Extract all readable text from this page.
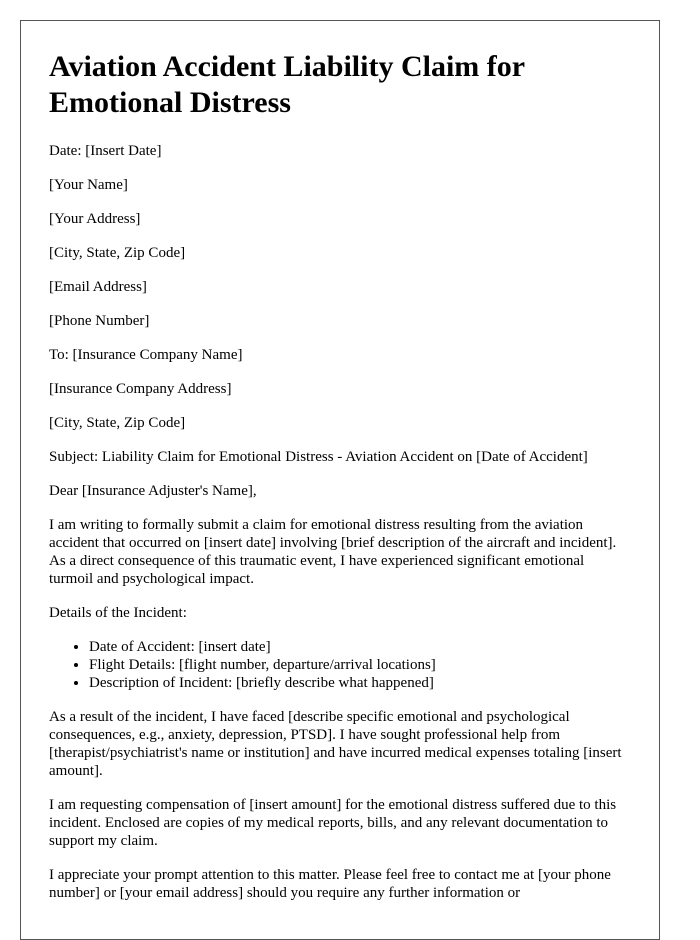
Aviation Accident Liability Claim for Emotional Distress

Date: [Insert Date]

[Your Name]

[Your Address]

[City, State, Zip Code]

[Email Address]

[Phone Number]

To: [Insurance Company Name]

[Insurance Company Address]

[City, State, Zip Code]

Subject: Liability Claim for Emotional Distress - Aviation Accident on [Date of Accident]

Dear [Insurance Adjuster's Name],

I am writing to formally submit a claim for emotional distress resulting from the aviation accident that occurred on [insert date] involving [brief description of the aircraft and incident]. As a direct consequence of this traumatic event, I have experienced significant emotional turmoil and psychological impact.

Details of the Incident:

• Date of Accident: [insert date]
• Flight Details: [flight number, departure/arrival locations]
• Description of Incident: [briefly describe what happened]

As a result of the incident, I have faced [describe specific emotional and psychological consequences, e.g., anxiety, depression, PTSD]. I have sought professional help from [therapist/psychiatrist's name or institution] and have incurred medical expenses totaling [insert amount].

I am requesting compensation of [insert amount] for the emotional distress suffered due to this incident. Enclosed are copies of my medical reports, bills, and any relevant documentation to support my claim.

I appreciate your prompt attention to this matter. Please feel free to contact me at [your phone number] or [your email address] should you require any further information or
